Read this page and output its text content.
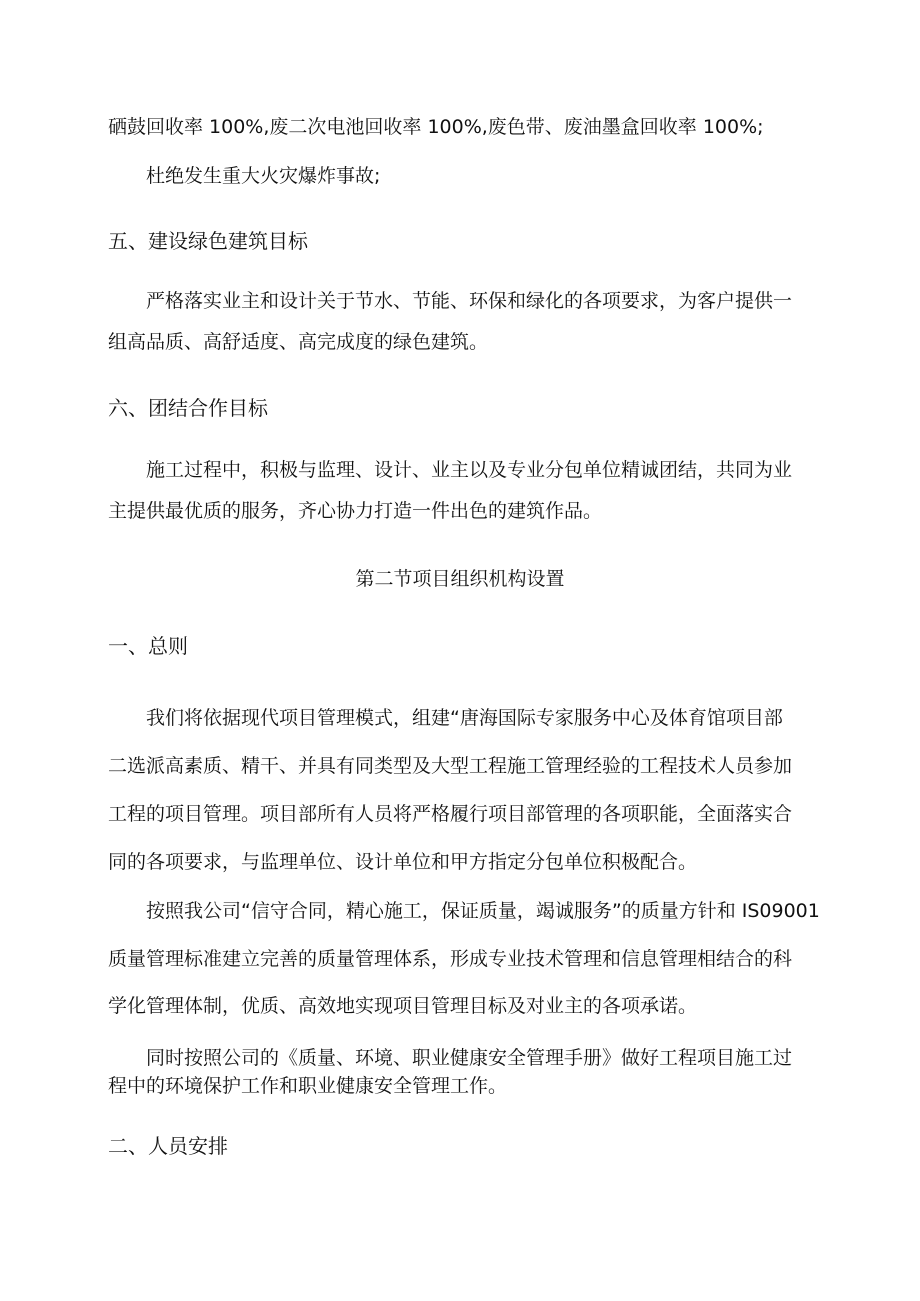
硒鼓回收率 100%,废二次电池回收率 100%,废色带、废油墨盒回收率 100%;
杜绝发生重大火灾爆炸事故;
五、建设绿色建筑目标
严格落实业主和设计关于节水、节能、环保和绿化的各项要求，为客户提供一
组高品质、高舒适度、高完成度的绿色建筑。
六、团结合作目标
施工过程中，积极与监理、设计、业主以及专业分包单位精诚团结，共同为业
主提供最优质的服务，齐心协力打造一件出色的建筑作品。
第二节项目组织机构设置
一、总则
我们将依据现代项目管理模式，组建“唐海国际专家服务中心及体育馆项目部
二选派高素质、精干、并具有同类型及大型工程施工管理经验的工程技术人员参加
工程的项目管理。项目部所有人员将严格履行项目部管理的各项职能，全面落实合
同的各项要求，与监理单位、设计单位和甲方指定分包单位积极配合。
按照我公司“信守合同，精心施工，保证质量，竭诚服务”的质量方针和 IS09001
质量管理标准建立完善的质量管理体系，形成专业技术管理和信息管理相结合的科
学化管理体制，优质、高效地实现项目管理目标及对业主的各项承诺。
同时按照公司的《质量、环境、职业健康安全管理手册》做好工程项目施工过
程中的环境保护工作和职业健康安全管理工作。
二、人员安排
